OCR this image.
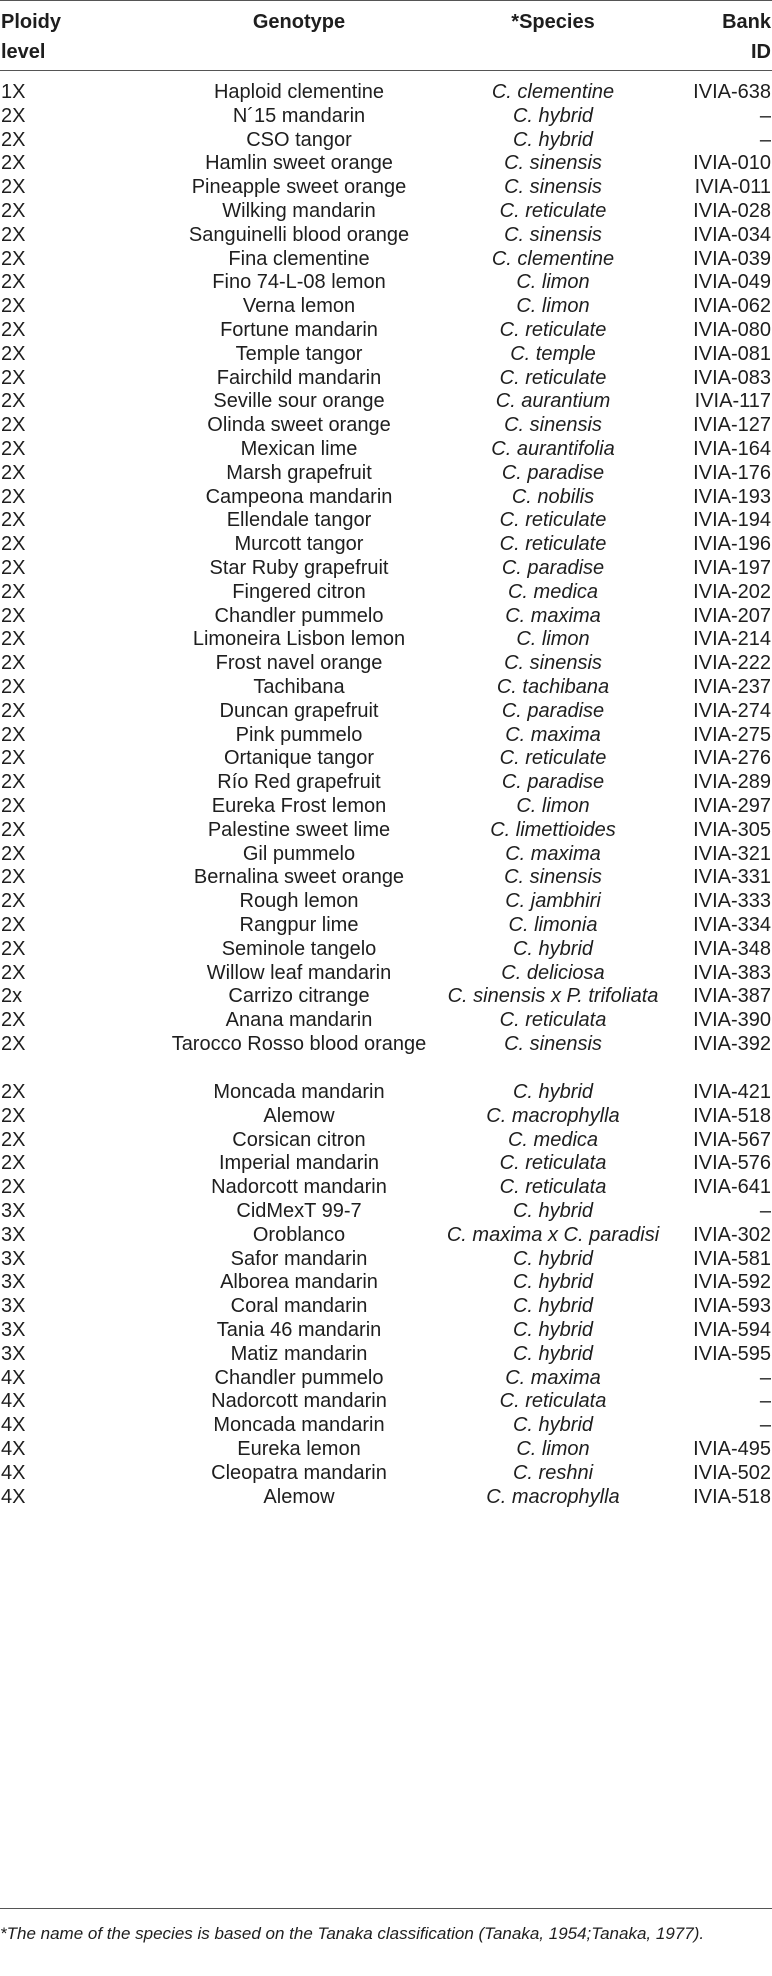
Ploidy
level
Genotype	*Species	Bank
ID
1X	Haploid clementine	C. clementine	IVIA-638
2X	N´15 mandarin	C. hybrid	–
2X	CSO tangor	C. hybrid	–
2X	Hamlin sweet orange	C. sinensis	IVIA-010
2X	Pineapple sweet orange	C. sinensis	IVIA-011
2X	Wilking mandarin	C. reticulate	IVIA-028
2X	Sanguinelli blood orange	C. sinensis	IVIA-034
2X	Fina clementine	C. clementine	IVIA-039
2X	Fino 74-L-08 lemon	C. limon	IVIA-049
2X	Verna lemon	C. limon	IVIA-062
2X	Fortune mandarin	C. reticulate	IVIA-080
2X	Temple tangor	C. temple	IVIA-081
2X	Fairchild mandarin	C. reticulate	IVIA-083
2X	Seville sour orange	C. aurantium	IVIA-117
2X	Olinda sweet orange	C. sinensis	IVIA-127
2X	Mexican lime	C. aurantifolia	IVIA-164
2X	Marsh grapefruit	C. paradise	IVIA-176
2X	Campeona mandarin	C. nobilis	IVIA-193
2X	Ellendale tangor	C. reticulate	IVIA-194
2X	Murcott tangor	C. reticulate	IVIA-196
2X	Star Ruby grapefruit	C. paradise	IVIA-197
2X	Fingered citron	C. medica	IVIA-202
2X	Chandler pummelo	C. maxima	IVIA-207
2X	Limoneira Lisbon lemon	C. limon	IVIA-214
2X	Frost navel orange	C. sinensis	IVIA-222
2X	Tachibana	C. tachibana	IVIA-237
2X	Duncan grapefruit	C. paradise	IVIA-274
2X	Pink pummelo	C. maxima	IVIA-275
2X	Ortanique tangor	C. reticulate	IVIA-276
2X	Río Red grapefruit	C. paradise	IVIA-289
2X	Eureka Frost lemon	C. limon	IVIA-297
2X	Palestine sweet lime	C. limettioides	IVIA-305
2X	Gil pummelo	C. maxima	IVIA-321
2X	Bernalina sweet orange	C. sinensis	IVIA-331
2X	Rough lemon	C. jambhiri	IVIA-333
2X	Rangpur lime	C. limonia	IVIA-334
2X	Seminole tangelo	C. hybrid	IVIA-348
2X	Willow leaf mandarin	C. deliciosa	IVIA-383
2x	Carrizo citrange	C. sinensis x P. trifoliata	IVIA-387
2X	Anana mandarin	C. reticulata	IVIA-390
2X	Tarocco Rosso blood orange	C. sinensis	IVIA-392
2X	Moncada mandarin	C. hybrid	IVIA-421
2X	Alemow	C. macrophylla	IVIA-518
2X	Corsican citron	C. medica	IVIA-567
2X	Imperial mandarin	C. reticulata	IVIA-576
2X	Nadorcott mandarin	C. reticulata	IVIA-641
3X	CidMexT 99-7	C. hybrid	–
3X	Oroblanco	C. maxima x C. paradisi	IVIA-302
3X	Safor mandarin	C. hybrid	IVIA-581
3X	Alborea mandarin	C. hybrid	IVIA-592
3X	Coral mandarin	C. hybrid	IVIA-593
3X	Tania 46 mandarin	C. hybrid	IVIA-594
3X	Matiz mandarin	C. hybrid	IVIA-595
4X	Chandler pummelo	C. maxima	–
4X	Nadorcott mandarin	C. reticulata	–
4X	Moncada mandarin	C. hybrid	–
4X	Eureka lemon	C. limon	IVIA-495
4X	Cleopatra mandarin	C. reshni	IVIA-502
4X	Alemow	C. macrophylla	IVIA-518
*The name of the species is based on the Tanaka classification (Tanaka, 1954;Tanaka, 1977).
